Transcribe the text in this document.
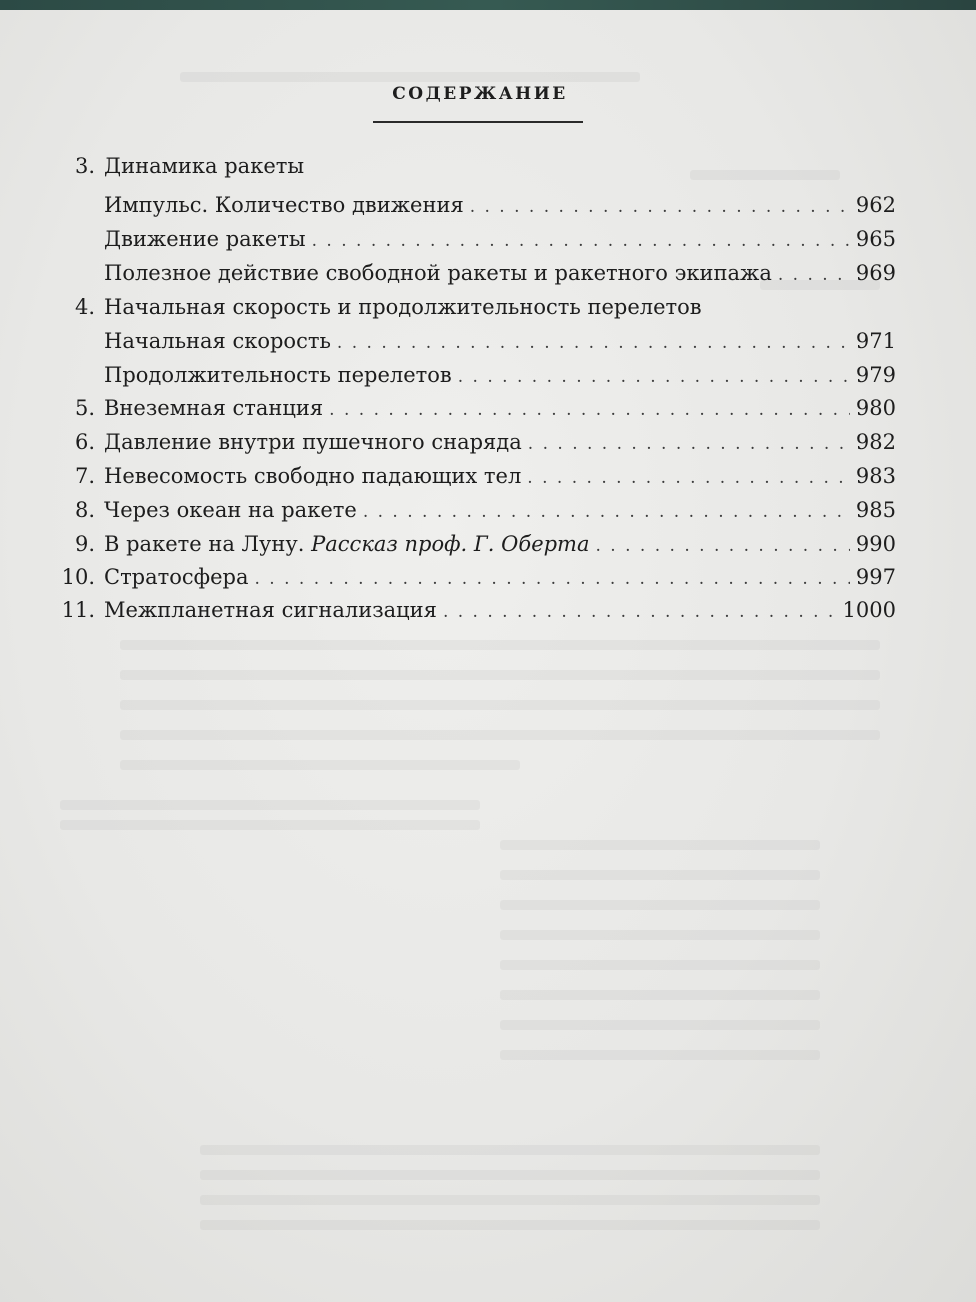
СОДЕРЖАНИЕ
3. Динамика ракеты
Импульс. Количество движения . . .	962
Движение ракеты . . .	965
Полезное действие свободной ракеты и ракетного экипажа . . .	969
4. Начальная скорость и продолжительность перелетов
Начальная скорость . . .	971
Продолжительность перелетов . . .	979
5. Внеземная станция . . .	980
6. Давление внутри пушечного снаряда . . .	982
7. Невесомость свободно падающих тел . . .	983
8. Через океан на ракете . . .	985
9. В ракете на Луну. Рассказ проф. Г. Оберта . . .	990
10. Стратосфера . . .	997
11. Межпланетная сигнализация . . .	1000
